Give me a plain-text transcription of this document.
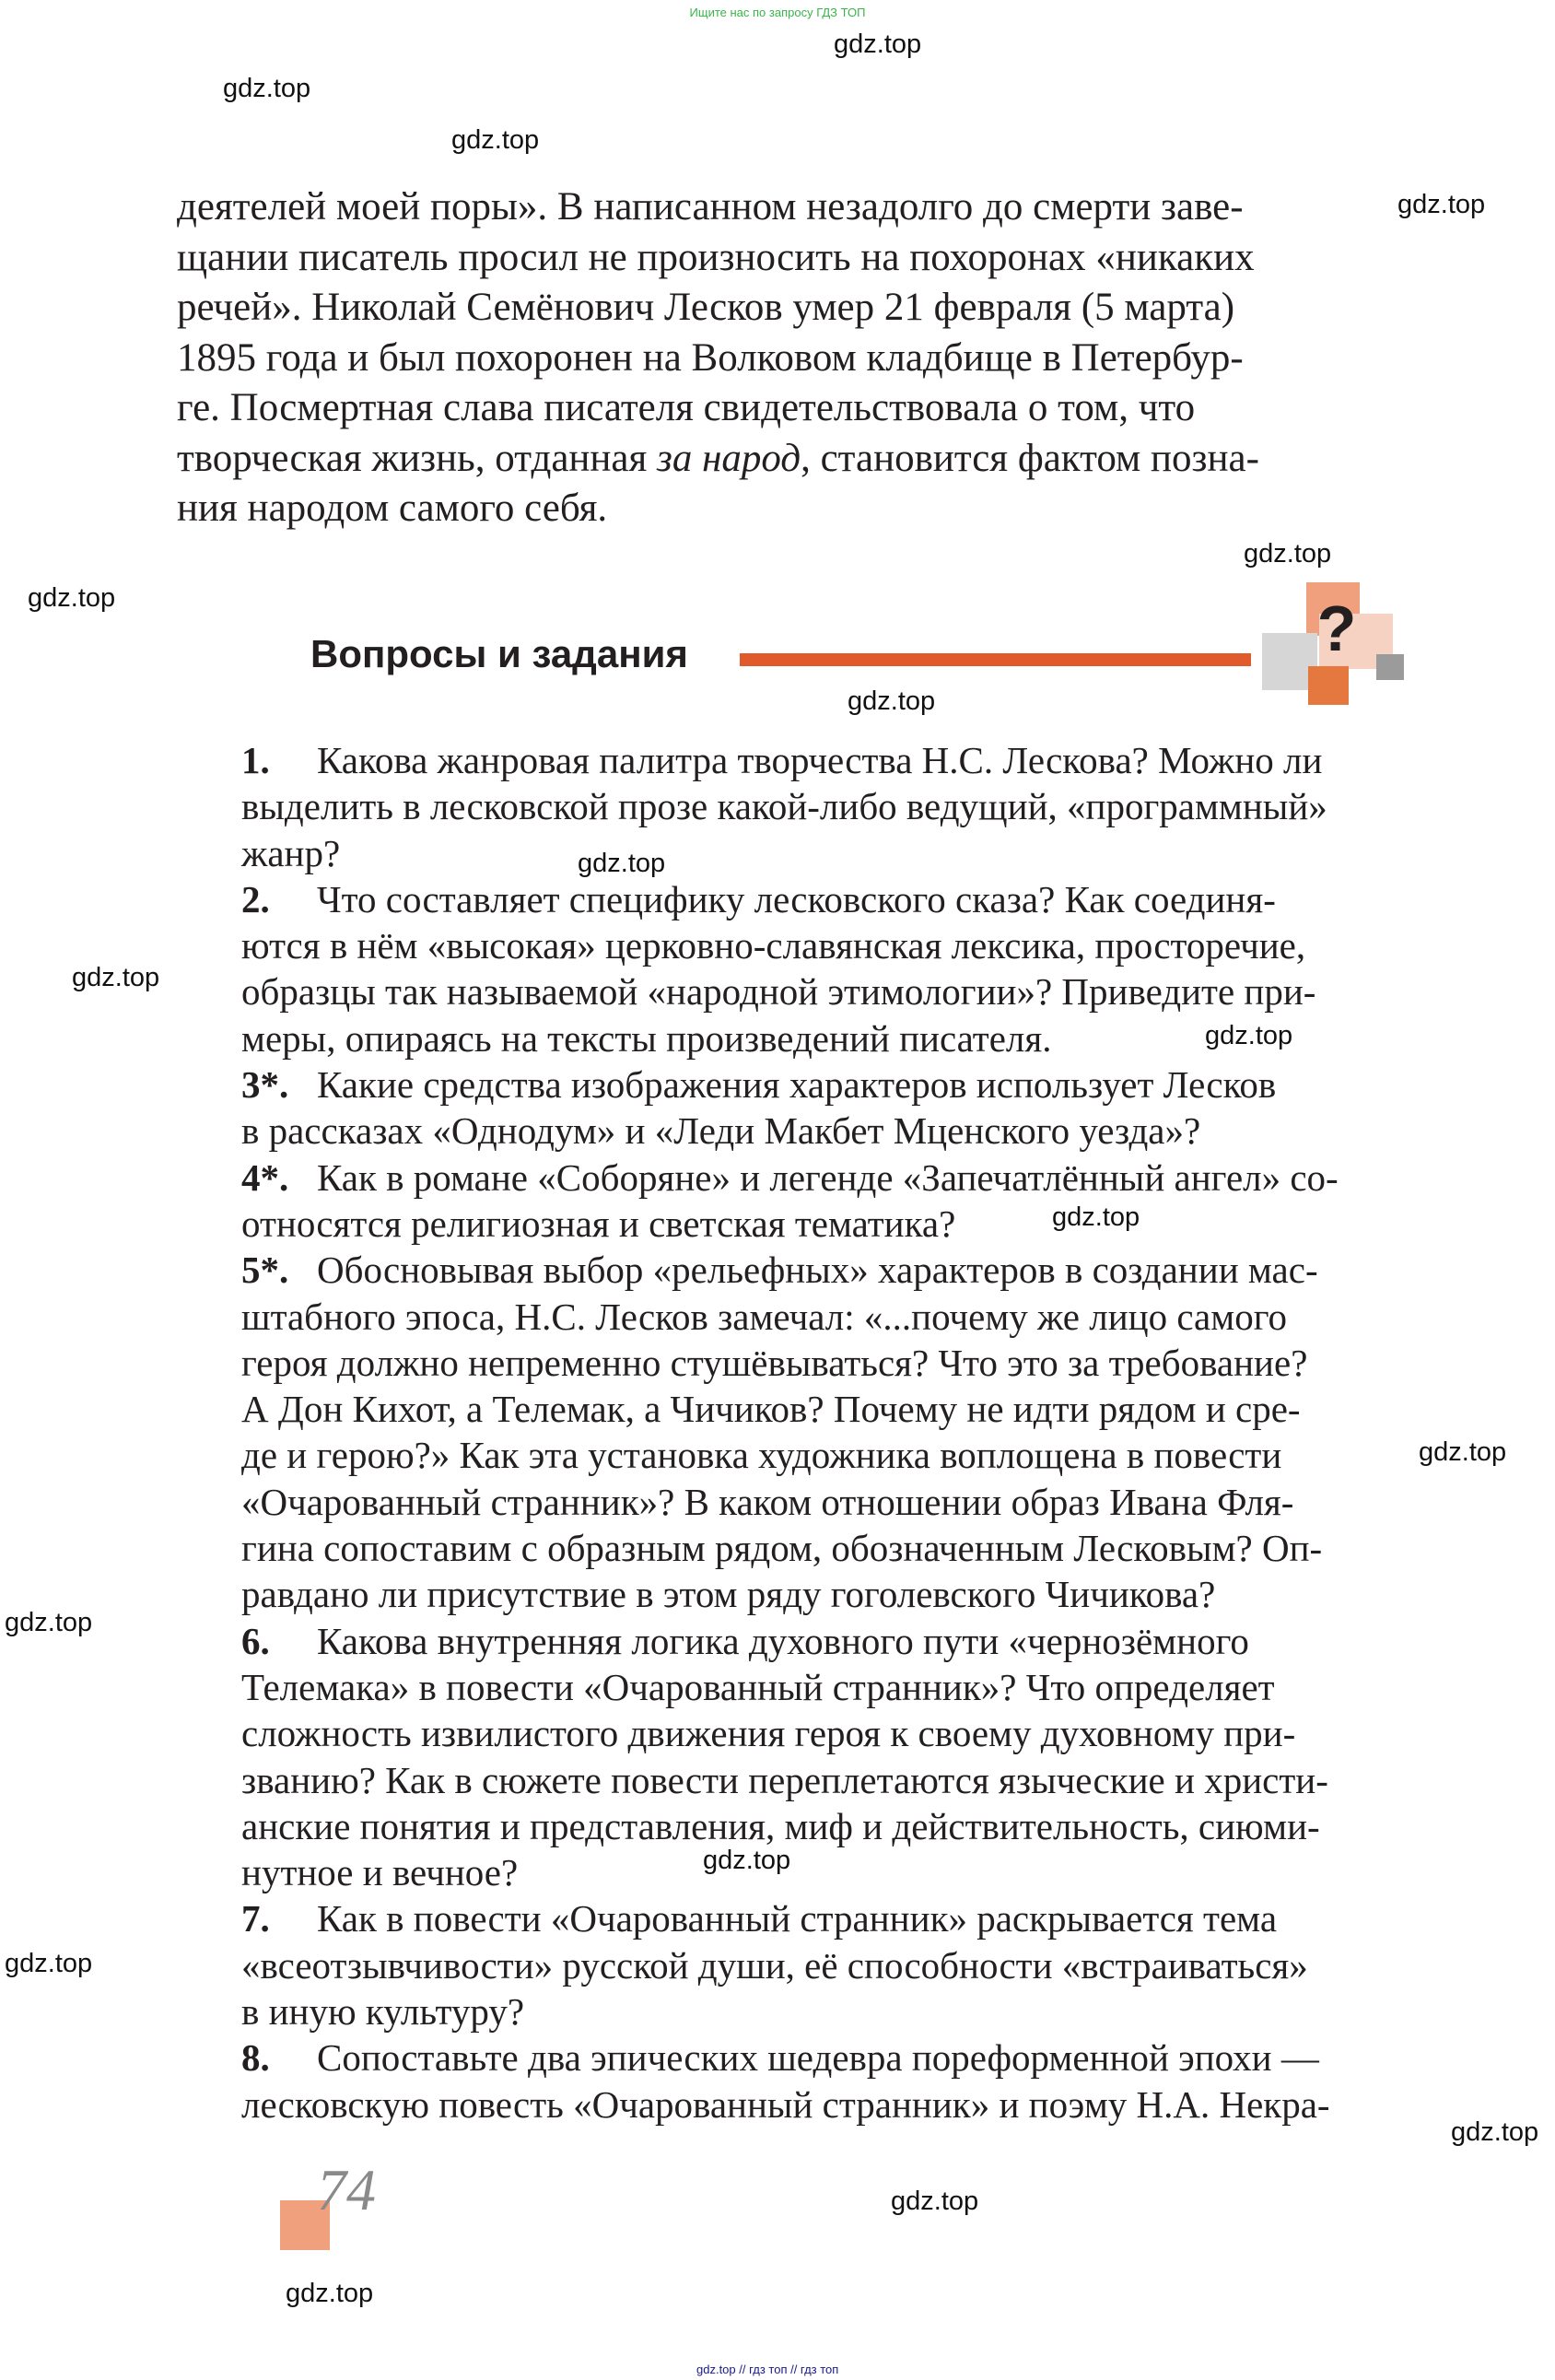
Ищите нас по запросу ГДЗ ТОП
gdz.top
gdz.top
gdz.top
gdz.top
gdz.top
gdz.top
gdz.top
gdz.top
gdz.top
gdz.top
gdz.top
gdz.top
gdz.top
gdz.top
gdz.top
gdz.top
gdz.top
gdz.top
деятелей моей поры». В написанном незадолго до смерти заве-
щании писатель просил не произносить на похоронах «никаких
речей». Николай Семёнович Лесков умер 21 февраля (5 марта)
1895 года и был похоронен на Волковом кладбище в Петербур-
ге. Посмертная слава писателя свидетельствовала о том, что
творческая жизнь, отданная за народ, становится фактом позна-
ния народом самого себя.
Вопросы и задания	?
1. Какова жанровая палитра творчества Н.С. Лескова? Можно ли
выделить в лесковской прозе какой-либо ведущий, «программный»
жанр?
2. Что составляет специфику лесковского сказа? Как соединя-
ются в нём «высокая» церковно-славянская лексика, просторечие,
образцы так называемой «народной этимологии»? Приведите при-
меры, опираясь на тексты произведений писателя.
3*. Какие средства изображения характеров использует Лесков
в рассказах «Однодум» и «Леди Макбет Мценского уезда»?
4*. Как в романе «Соборяне» и легенде «Запечатлённый ангел» со-
относятся религиозная и светская тематика?
5*. Обосновывая выбор «рельефных» характеров в создании мас-
штабного эпоса, Н.С. Лесков замечал: «...почему же лицо самого
героя должно непременно стушёвываться? Что это за требование?
А Дон Кихот, а Телемак, а Чичиков? Почему не идти рядом и сре-
де и герою?» Как эта установка художника воплощена в повести
«Очарованный странник»? В каком отношении образ Ивана Фля-
гина сопоставим с образным рядом, обозначенным Лесковым? Оп-
равдано ли присутствие в этом ряду гоголевского Чичикова?
6. Какова внутренняя логика духовного пути «чернозёмного
Телемака» в повести «Очарованный странник»? Что определяет
сложность извилистого движения героя к своему духовному при-
званию? Как в сюжете повести переплетаются языческие и христи-
анские понятия и представления, миф и действительность, сиюми-
нутное и вечное?
7. Как в повести «Очарованный странник» раскрывается тема
«всеотзывчивости» русской души, её способности «встраиваться»
в иную культуру?
8. Сопоставьте два эпических шедевра пореформенной эпохи —
лесковскую повесть «Очарованный странник» и поэму Н.А. Некра-
74
gdz.top // гдз топ // гдз топ
